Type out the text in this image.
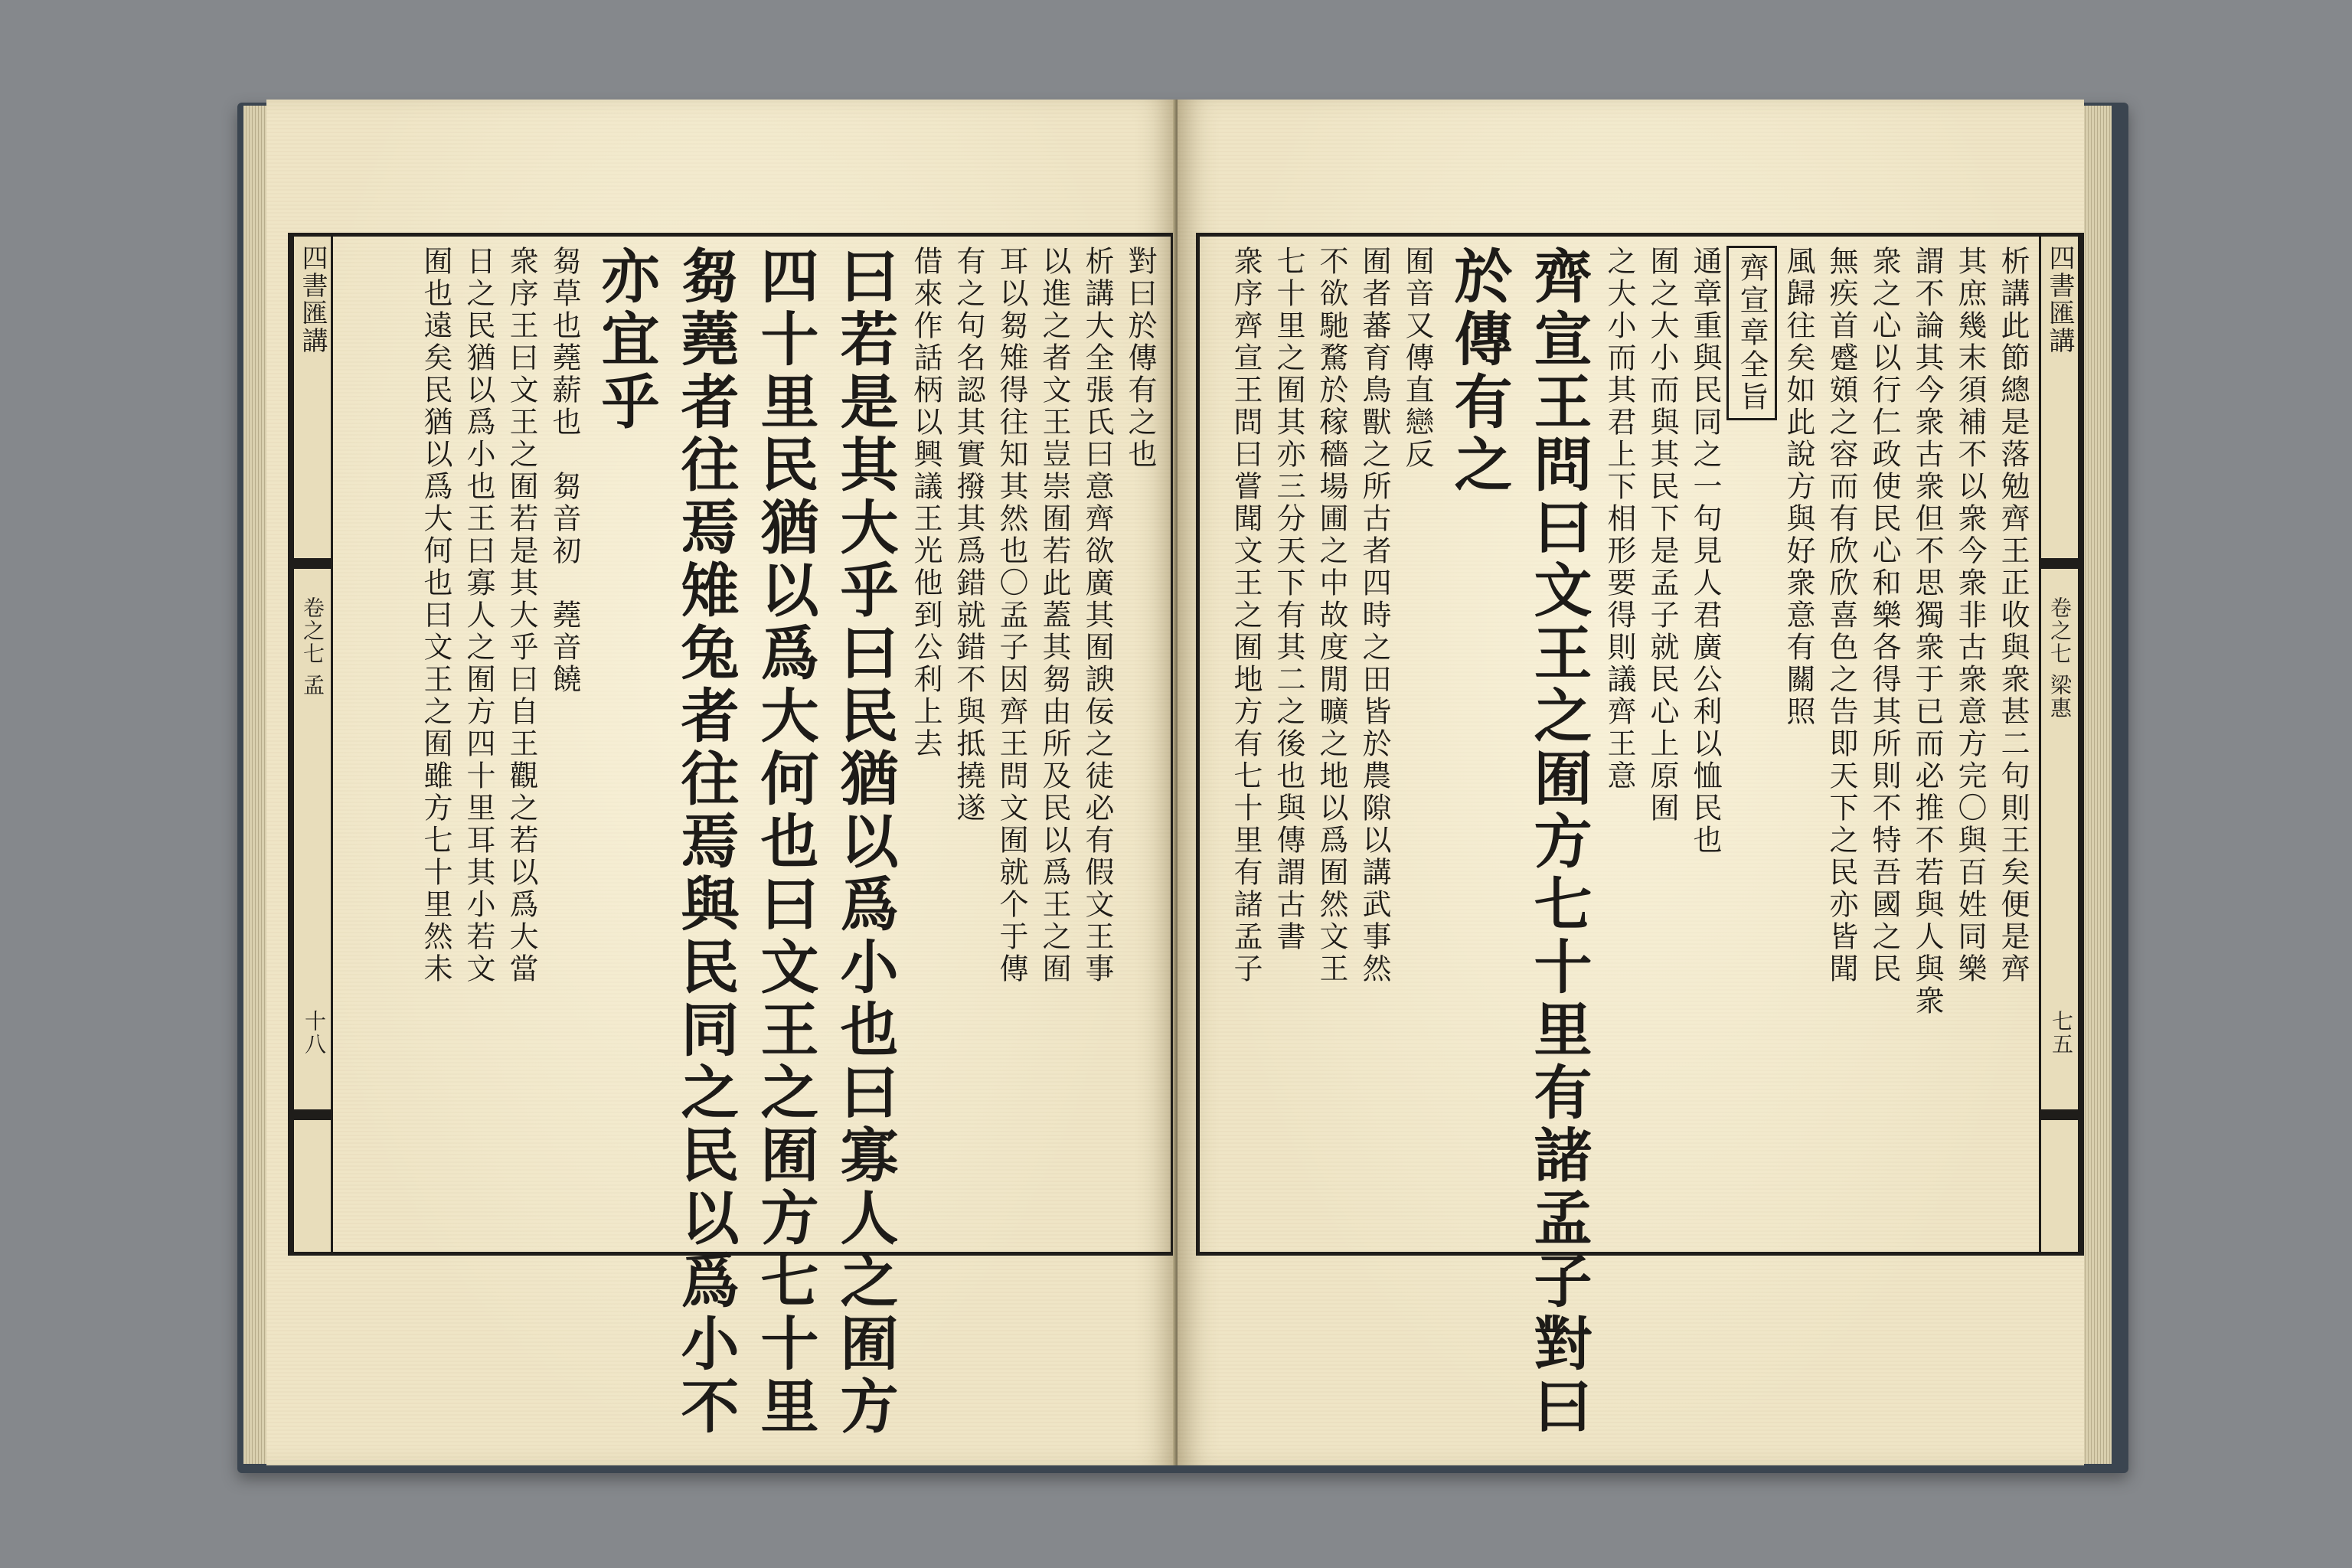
四書匯講
卷之七 孟
十八
對曰於傳有之也
析講大全張氏曰意齊欲廣其囿諛佞之徒必有假文王事
以進之者文王豈崇囿若此蓋其芻由所及民以爲王之囿
耳以芻雉得往知其然也〇孟子因齊王問文囿就个于傳
有之句名認其實撥其爲錯就錯不與抵撓遂
借來作話柄以興議王光他到公利上去
曰若是其大乎曰民猶以爲小也曰寡人之囿方
四十里民猶以爲大何也曰文王之囿方七十里
芻蕘者往焉雉兔者往焉與民同之民以爲小不
亦宜乎
芻草也蕘薪也　芻音初　蕘音饒
衆序王曰文王之囿若是其大乎曰自王觀之若以爲大當
日之民猶以爲小也王曰寡人之囿方四十里耳其小若文
囿也遠矣民猶以爲大何也曰文王之囿雖方七十里然未	四書匯講
卷之七 梁惠
七五
析講此節總是落勉齊王正收與衆甚二句則王矣便是齊
其庶幾末須補不以衆今衆非古衆意方完〇與百姓同樂
謂不論其今衆古衆但不思獨衆于已而必推不若與人與衆
衆之心以行仁政使民心和樂各得其所則不特吾國之民
無疾首蹙頞之容而有欣欣喜色之告即天下之民亦皆聞
風歸往矣如此說方與好衆意有關照
齊宣章全旨
通章重與民同之一句見人君廣公利以恤民也
囿之大小而與其民下是孟子就民心上原囿
之大小而其君上下相形要得則議齊王意
齊宣王問曰文王之囿方七十里有諸孟子對曰
於傳有之
囿音又傳直戀反
囿者蕃育鳥獸之所古者四時之田皆於農隙以講武事然
不欲馳騖於稼穡場圃之中故度閒曠之地以爲囿然文王
七十里之囿其亦三分天下有其二之後也與傳謂古書
衆序齊宣王問曰嘗聞文王之囿地方有七十里有諸孟子
